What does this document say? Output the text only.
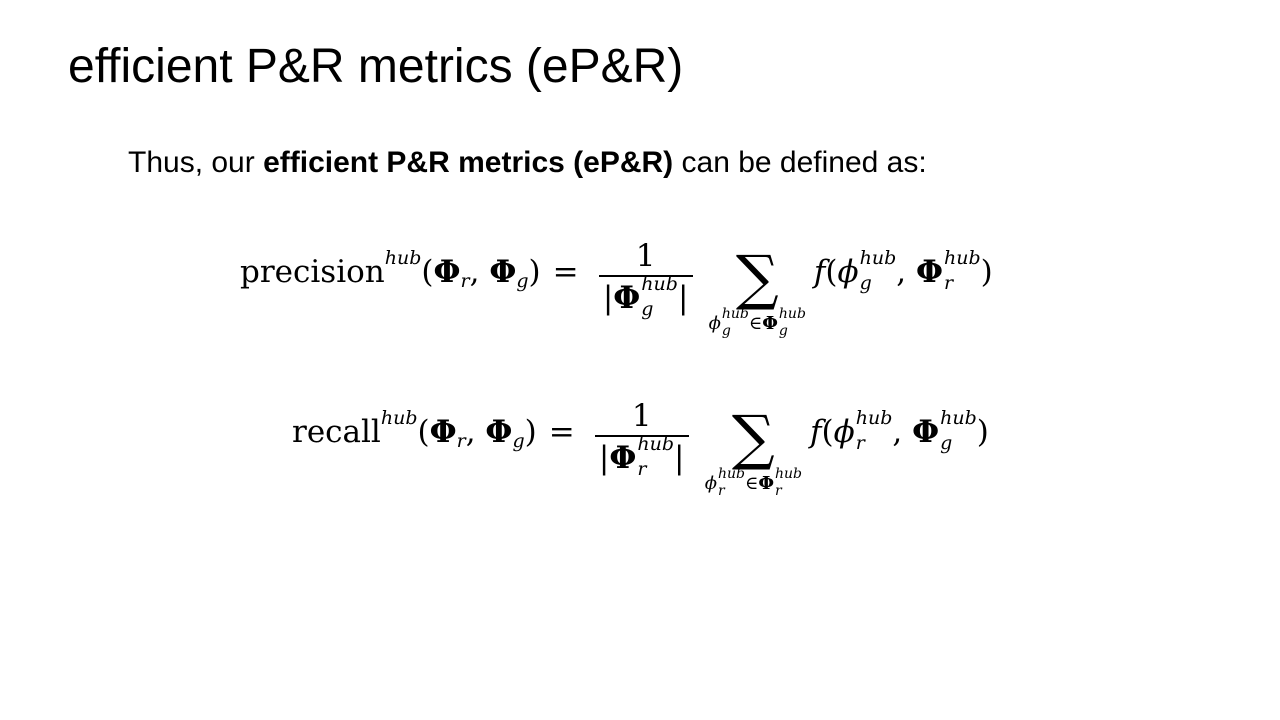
efficient P&R metrics (eP&R)

Thus, our efficient P&R metrics (eP&R) can be defined as:

precision hub ( Φ r , Φ g ) = 1
| Φ hub
g | ∑
ϕ hub
g	∈ Φ hub
g
f ( ϕ hub
g , Φ hub
r )
recall hub ( Φ r , Φ g ) = 1
| Φ hub
r | ∑
ϕ hub
r	∈ Φ hub
r
f ( ϕ hub
r , Φ hub
g )
